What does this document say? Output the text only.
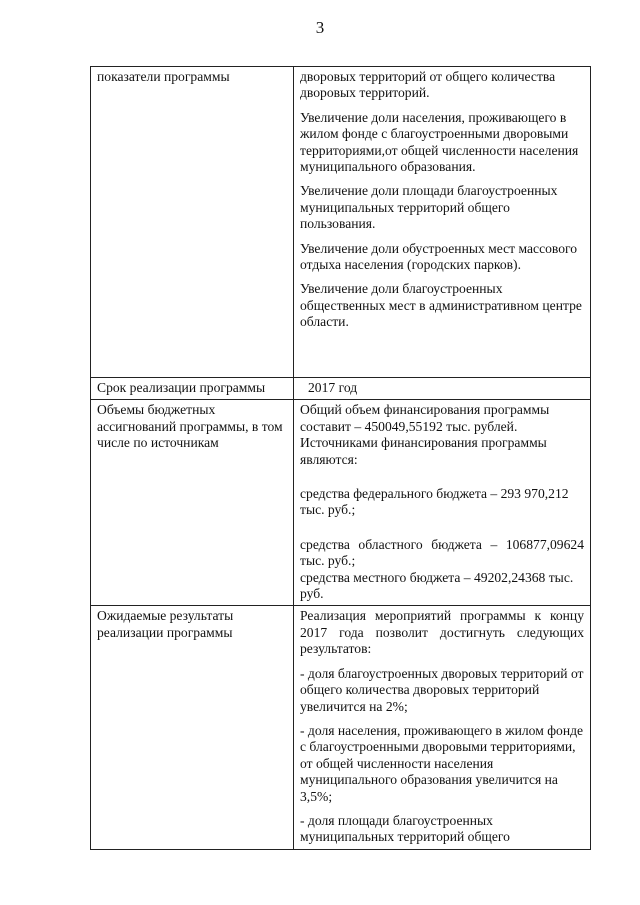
3
показатели программы	дворовых территорий от общего количества дворовых территорий.

Увеличение доли населения, проживающего в жилом фонде с благоустроенными дворовыми территориями,от общей численности населения муниципального образования.

Увеличение доли площади благоустроенных муниципальных территорий общего пользования.

Увеличение доли обустроенных мест массового отдыха населения (городских парков).

Увеличение доли благоустроенных общественных мест в административном центре области.

Срок реализации программы	2017 год
Объемы бюджетных ассигнований программы, в том числе по источникам	Общий объем финансирования программы составит – 450049,55192 тыс. рублей.

Источниками финансирования программы являются:

средства федерального бюджета – 293 970,212 тыс. руб.;

средства областного бюджета – 106877,09624 тыс. руб.;

средства местного бюджета – 49202,24368 тыс. руб.

Ожидаемые результаты реализации программы	Реализация мероприятий программы к концу 2017 года позволит достигнуть следующих результатов:

- доля благоустроенных дворовых территорий от общего количества дворовых территорий увеличится на 2%;

- доля населения, проживающего в жилом фонде с благоустроенными дворовыми территориями, от общей численности населения муниципального образования увеличится на 3,5%;

- доля площади благоустроенных муниципальных территорий общего
